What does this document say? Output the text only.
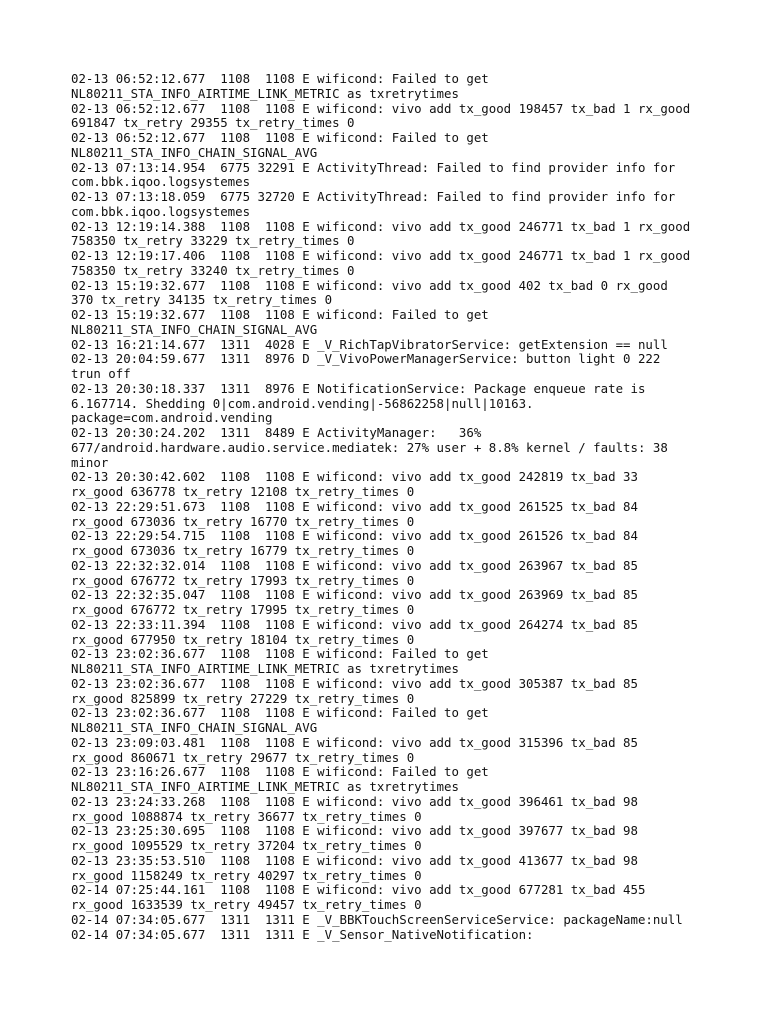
02-13 06:52:12.677  1108  1108 E wificond: Failed to get
NL80211_STA_INFO_AIRTIME_LINK_METRIC as txretrytimes
02-13 06:52:12.677  1108  1108 E wificond: vivo add tx_good 198457 tx_bad 1 rx_good
691847 tx_retry 29355 tx_retry_times 0
02-13 06:52:12.677  1108  1108 E wificond: Failed to get
NL80211_STA_INFO_CHAIN_SIGNAL_AVG
02-13 07:13:14.954  6775 32291 E ActivityThread: Failed to find provider info for
com.bbk.iqoo.logsystemes
02-13 07:13:18.059  6775 32720 E ActivityThread: Failed to find provider info for
com.bbk.iqoo.logsystemes
02-13 12:19:14.388  1108  1108 E wificond: vivo add tx_good 246771 tx_bad 1 rx_good
758350 tx_retry 33229 tx_retry_times 0
02-13 12:19:17.406  1108  1108 E wificond: vivo add tx_good 246771 tx_bad 1 rx_good
758350 tx_retry 33240 tx_retry_times 0
02-13 15:19:32.677  1108  1108 E wificond: vivo add tx_good 402 tx_bad 0 rx_good
370 tx_retry 34135 tx_retry_times 0
02-13 15:19:32.677  1108  1108 E wificond: Failed to get
NL80211_STA_INFO_CHAIN_SIGNAL_AVG
02-13 16:21:14.677  1311  4028 E _V_RichTapVibratorService: getExtension == null
02-13 20:04:59.677  1311  8976 D _V_VivoPowerManagerService: button light 0 222
trun off
02-13 20:30:18.337  1311  8976 E NotificationService: Package enqueue rate is
6.167714. Shedding 0|com.android.vending|-56862258|null|10163.
package=com.android.vending
02-13 20:30:24.202  1311  8489 E ActivityManager:   36%
677/android.hardware.audio.service.mediatek: 27% user + 8.8% kernel / faults: 38
minor
02-13 20:30:42.602  1108  1108 E wificond: vivo add tx_good 242819 tx_bad 33
rx_good 636778 tx_retry 12108 tx_retry_times 0
02-13 22:29:51.673  1108  1108 E wificond: vivo add tx_good 261525 tx_bad 84
rx_good 673036 tx_retry 16770 tx_retry_times 0
02-13 22:29:54.715  1108  1108 E wificond: vivo add tx_good 261526 tx_bad 84
rx_good 673036 tx_retry 16779 tx_retry_times 0
02-13 22:32:32.014  1108  1108 E wificond: vivo add tx_good 263967 tx_bad 85
rx_good 676772 tx_retry 17993 tx_retry_times 0
02-13 22:32:35.047  1108  1108 E wificond: vivo add tx_good 263969 tx_bad 85
rx_good 676772 tx_retry 17995 tx_retry_times 0
02-13 22:33:11.394  1108  1108 E wificond: vivo add tx_good 264274 tx_bad 85
rx_good 677950 tx_retry 18104 tx_retry_times 0
02-13 23:02:36.677  1108  1108 E wificond: Failed to get
NL80211_STA_INFO_AIRTIME_LINK_METRIC as txretrytimes
02-13 23:02:36.677  1108  1108 E wificond: vivo add tx_good 305387 tx_bad 85
rx_good 825899 tx_retry 27229 tx_retry_times 0
02-13 23:02:36.677  1108  1108 E wificond: Failed to get
NL80211_STA_INFO_CHAIN_SIGNAL_AVG
02-13 23:09:03.481  1108  1108 E wificond: vivo add tx_good 315396 tx_bad 85
rx_good 860671 tx_retry 29677 tx_retry_times 0
02-13 23:16:26.677  1108  1108 E wificond: Failed to get
NL80211_STA_INFO_AIRTIME_LINK_METRIC as txretrytimes
02-13 23:24:33.268  1108  1108 E wificond: vivo add tx_good 396461 tx_bad 98
rx_good 1088874 tx_retry 36677 tx_retry_times 0
02-13 23:25:30.695  1108  1108 E wificond: vivo add tx_good 397677 tx_bad 98
rx_good 1095529 tx_retry 37204 tx_retry_times 0
02-13 23:35:53.510  1108  1108 E wificond: vivo add tx_good 413677 tx_bad 98
rx_good 1158249 tx_retry 40297 tx_retry_times 0
02-14 07:25:44.161  1108  1108 E wificond: vivo add tx_good 677281 tx_bad 455
rx_good 1633539 tx_retry 49457 tx_retry_times 0
02-14 07:34:05.677  1311  1311 E _V_BBKTouchScreenServiceService: packageName:null
02-14 07:34:05.677  1311  1311 E _V_Sensor_NativeNotification:
